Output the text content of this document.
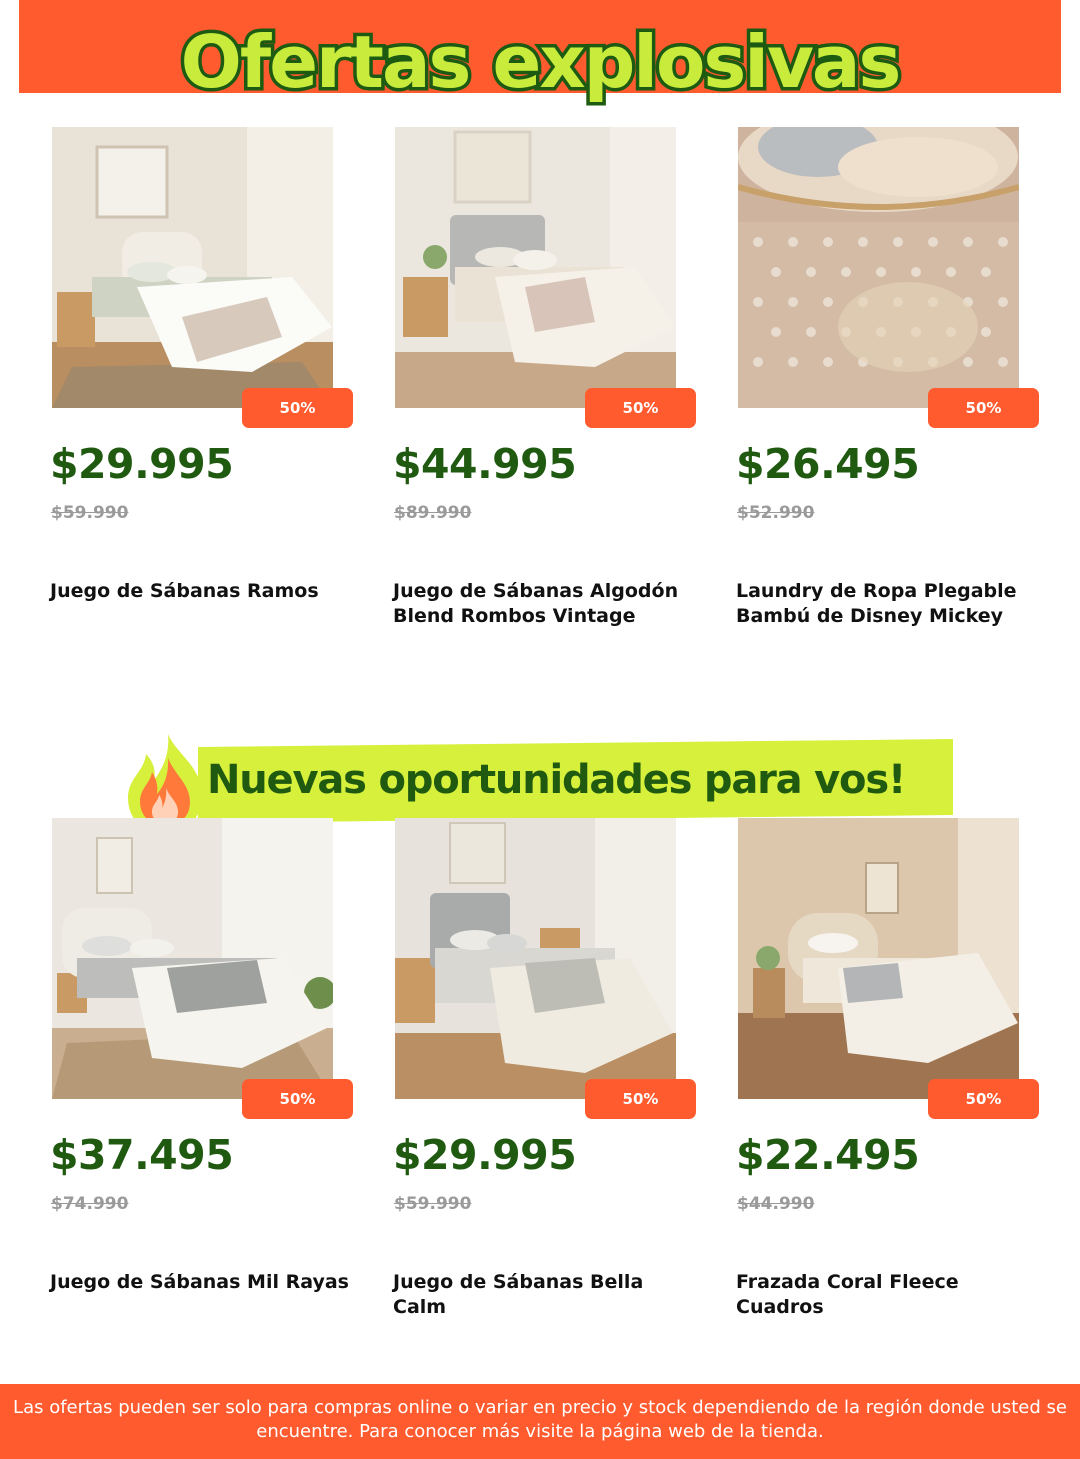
Ofertas explosivas
50%
$29.995
$59.990
Juego de Sábanas Ramos
50%
$44.995
$89.990
Juego de Sábanas Algodón
Blend Rombos Vintage
50%
$26.495
$52.990
Laundry de Ropa Plegable
Bambú de Disney Mickey
Nuevas oportunidades para vos!
50%
$37.495
$74.990
Juego de Sábanas Mil Rayas
50%
$29.995
$59.990
Juego de Sábanas Bella Calm
50%
$22.495
$44.990
Frazada Coral Fleece Cuadros
Las ofertas pueden ser solo para compras online o variar en precio y stock dependiendo de la región donde usted se encuentre. Para conocer más visite la página web de la tienda.
